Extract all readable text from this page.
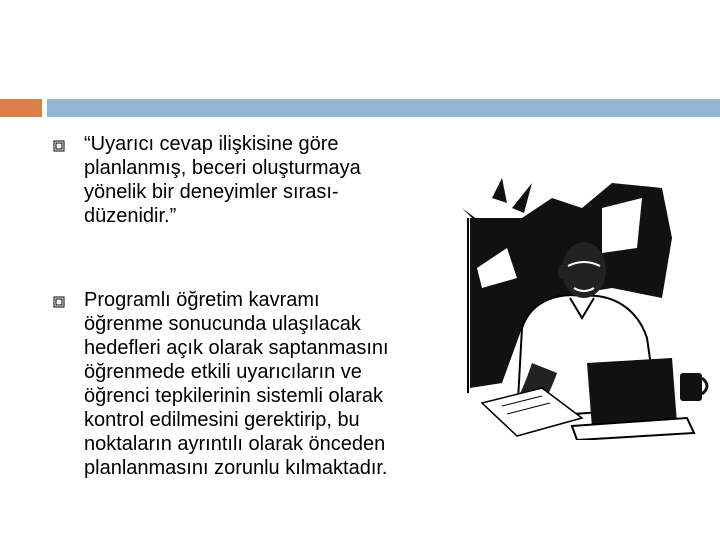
“Uyarıcı cevap ilişkisine göre
planlanmış, beceri oluşturmaya
yönelik bir deneyimler sırası-
düzenidir.”
Programlı öğretim kavramı
öğrenme sonucunda ulaşılacak
hedefleri açık olarak saptanmasını
öğrenmede etkili uyarıcıların ve
öğrenci tepkilerinin sistemli olarak
kontrol edilmesini gerektirip, bu
noktaların ayrıntılı olarak önceden
planlanmasını zorunlu kılmaktadır.
